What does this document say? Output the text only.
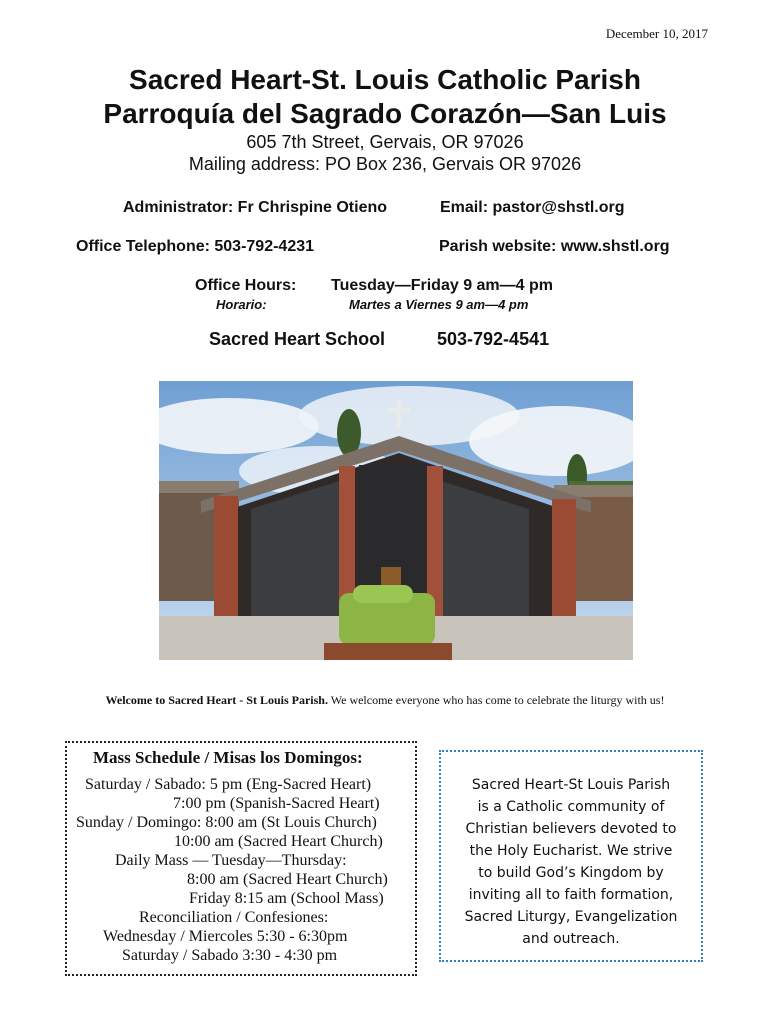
December 10, 2017
Sacred Heart-St. Louis Catholic Parish
Parroquía del Sagrado Corazón—San Luis
605 7th Street, Gervais, OR 97026
Mailing address: PO Box 236, Gervais OR 97026
Administrator: Fr Chrispine Otieno	Email: pastor@shstl.org
Office Telephone: 503-792-4231	Parish website: www.shstl.org
Office Hours: Tuesday—Friday 9 am—4 pm
Horario:	Martes a Viernes 9 am—4 pm
Sacred Heart School	503-792-4541
Welcome to Sacred Heart - St Louis Parish. We welcome everyone who has come to celebrate the liturgy with us!
Mass Schedule / Misas los Domingos:
Saturday / Sabado: 5 pm (Eng-Sacred Heart)
7:00 pm (Spanish-Sacred Heart)
Sunday / Domingo: 8:00 am (St Louis Church)
10:00 am (Sacred Heart Church)
Daily Mass — Tuesday—Thursday:
8:00 am (Sacred Heart Church)
Friday 8:15 am (School Mass)
Reconciliation / Confesiones:
Wednesday / Miercoles 5:30 - 6:30pm
Saturday / Sabado 3:30 - 4:30 pm
Sacred Heart-St Louis Parish
is a Catholic community of
Christian believers devoted to
the Holy Eucharist. We strive
to build God’s Kingdom by
inviting all to faith formation,
Sacred Liturgy, Evangelization
and outreach.
